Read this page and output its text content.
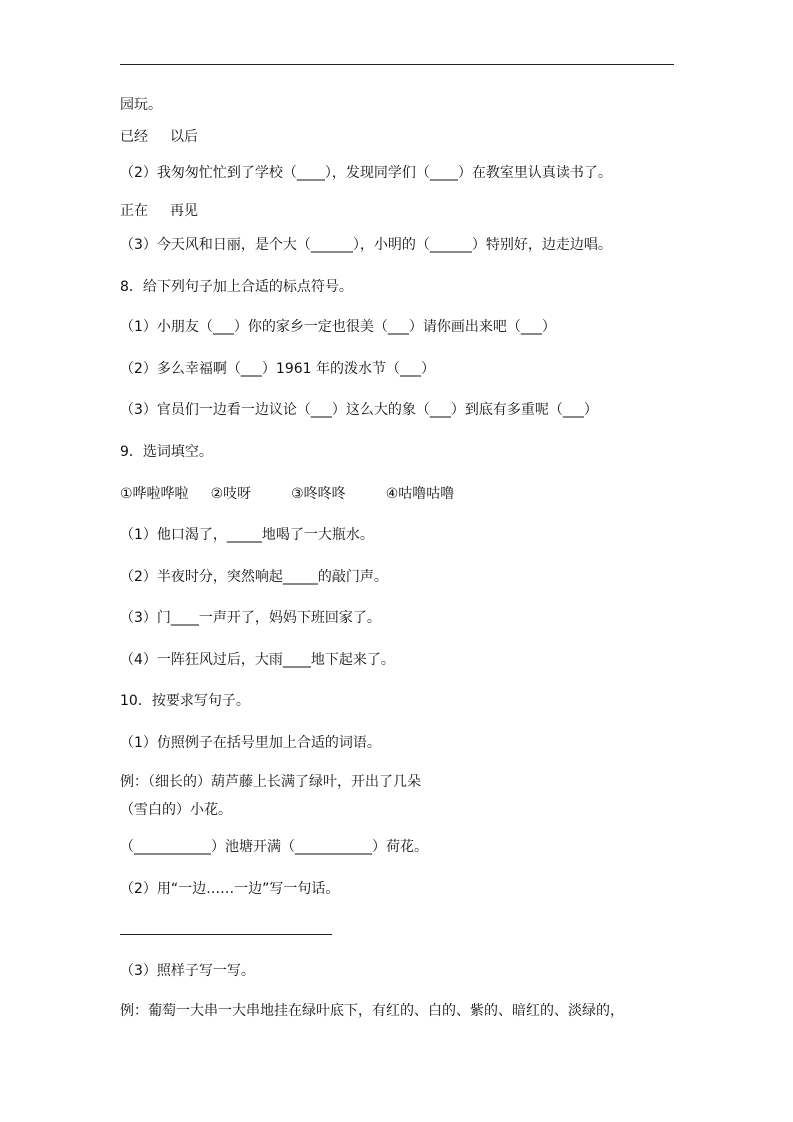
园玩。
已经 以后
（2）我匆匆忙忙到了学校（____），发现同学们（____）在教室里认真读书了。
正在 再见
（3）今天风和日丽，是个大（______），小明的（______）特别好，边走边唱。
8．给下列句子加上合适的标点符号。
（1）小朋友（___）你的家乡一定也很美（___）请你画出来吧（___）
（2）多么幸福啊（___）1961 年的泼水节（___）
（3）官员们一边看一边议论（___）这么大的象（___）到底有多重呢（___）
9．选词填空。
①哗啦哗啦 ②吱呀	③咚咚咚	④咕噜咕噜
（1）他口渴了，_____地喝了一大瓶水。
（2）半夜时分，突然响起_____的敲门声。
（3）门____一声开了，妈妈下班回家了。
（4）一阵狂风过后，大雨____地下起来了。
10．按要求写句子。
（1）仿照例子在括号里加上合适的词语。
例：（细长的）葫芦藤上长满了绿叶，开出了几朵
（雪白的）小花。
（___________）池塘开满（___________）荷花。
（2）用“一边……一边”写一句话。
（3）照样子写一写。
例：葡萄一大串一大串地挂在绿叶底下，有红的、白的、紫的、暗红的、淡绿的，
